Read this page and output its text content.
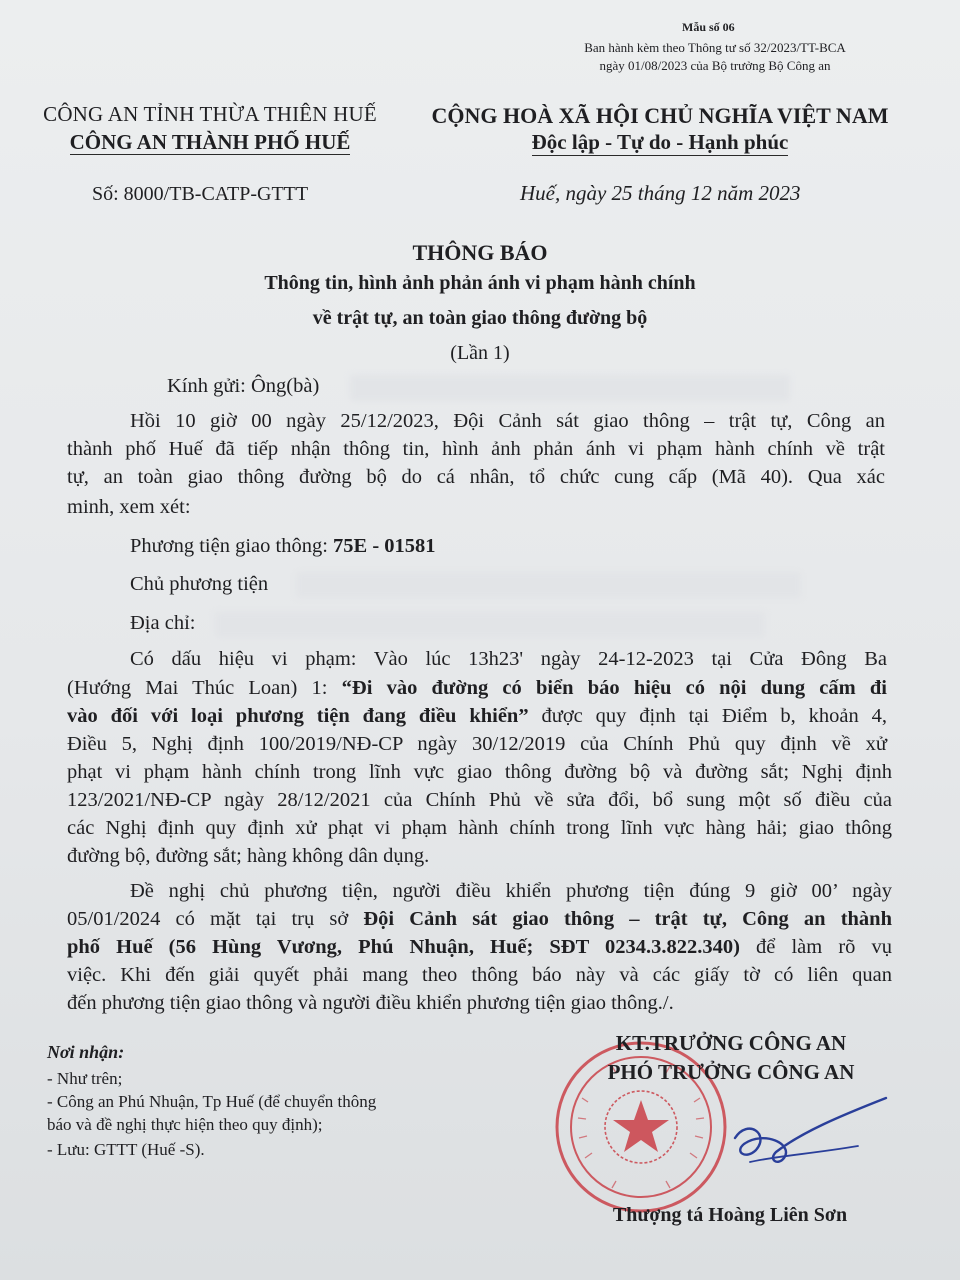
Mẫu số 06
Ban hành kèm theo Thông tư số 32/2023/TT-BCA
ngày 01/08/2023 của Bộ trưởng Bộ Công an
CÔNG AN TỈNH THỪA THIÊN HUẾ
CÔNG AN THÀNH PHỐ HUẾ
CỘNG HOÀ XÃ HỘI CHỦ NGHĨA VIỆT NAM
Độc lập - Tự do - Hạnh phúc
Số: 8000/TB-CATP-GTTT	Huế, ngày 25 tháng 12 năm 2023
THÔNG BÁO
Thông tin, hình ảnh phản ánh vi phạm hành chính
về trật tự, an toàn giao thông đường bộ
(Lần 1)
Kính gửi: Ông(bà)
Hồi 10 giờ 00 ngày 25/12/2023, Đội Cảnh sát giao thông – trật tự, Công an
thành phố Huế đã tiếp nhận thông tin, hình ảnh phản ánh vi phạm hành chính về trật
tự, an toàn giao thông đường bộ do cá nhân, tổ chức cung cấp (Mã 40). Qua xác
minh, xem xét:
Phương tiện giao thông: 75E - 01581
Chủ phương tiện
Địa chỉ:
Có dấu hiệu vi phạm: Vào lúc 13h23' ngày 24-12-2023 tại Cửa Đông Ba
(Hướng Mai Thúc Loan) 1: “Đi vào đường có biển báo hiệu có nội dung cấm đi
vào đối với loại phương tiện đang điều khiển” được quy định tại Điểm b, khoản 4,
Điều 5, Nghị định 100/2019/NĐ-CP ngày 30/12/2019 của Chính Phủ quy định về xử
phạt vi phạm hành chính trong lĩnh vực giao thông đường bộ và đường sắt; Nghị định
123/2021/NĐ-CP ngày 28/12/2021 của Chính Phủ về sửa đổi, bổ sung một số điều của
các Nghị định quy định xử phạt vi phạm hành chính trong lĩnh vực hàng hải; giao thông
đường bộ, đường sắt; hàng không dân dụng.
Đề nghị chủ phương tiện, người điều khiển phương tiện đúng 9 giờ 00’ ngày
05/01/2024 có mặt tại trụ sở Đội Cảnh sát giao thông – trật tự, Công an thành
phố Huế (56 Hùng Vương, Phú Nhuận, Huế; SĐT 0234.3.822.340) để làm rõ vụ
việc. Khi đến giải quyết phải mang theo thông báo này và các giấy tờ có liên quan
đến phương tiện giao thông và người điều khiển phương tiện giao thông./.
Nơi nhận:
- Như trên;
- Công an Phú Nhuận, Tp Huế (để chuyển thông
báo và đề nghị thực hiện theo quy định);
- Lưu: GTTT (Huế -S).
KT.TRƯỞNG CÔNG AN
PHÓ TRƯỞNG CÔNG AN
Thượng tá Hoàng Liên Sơn
